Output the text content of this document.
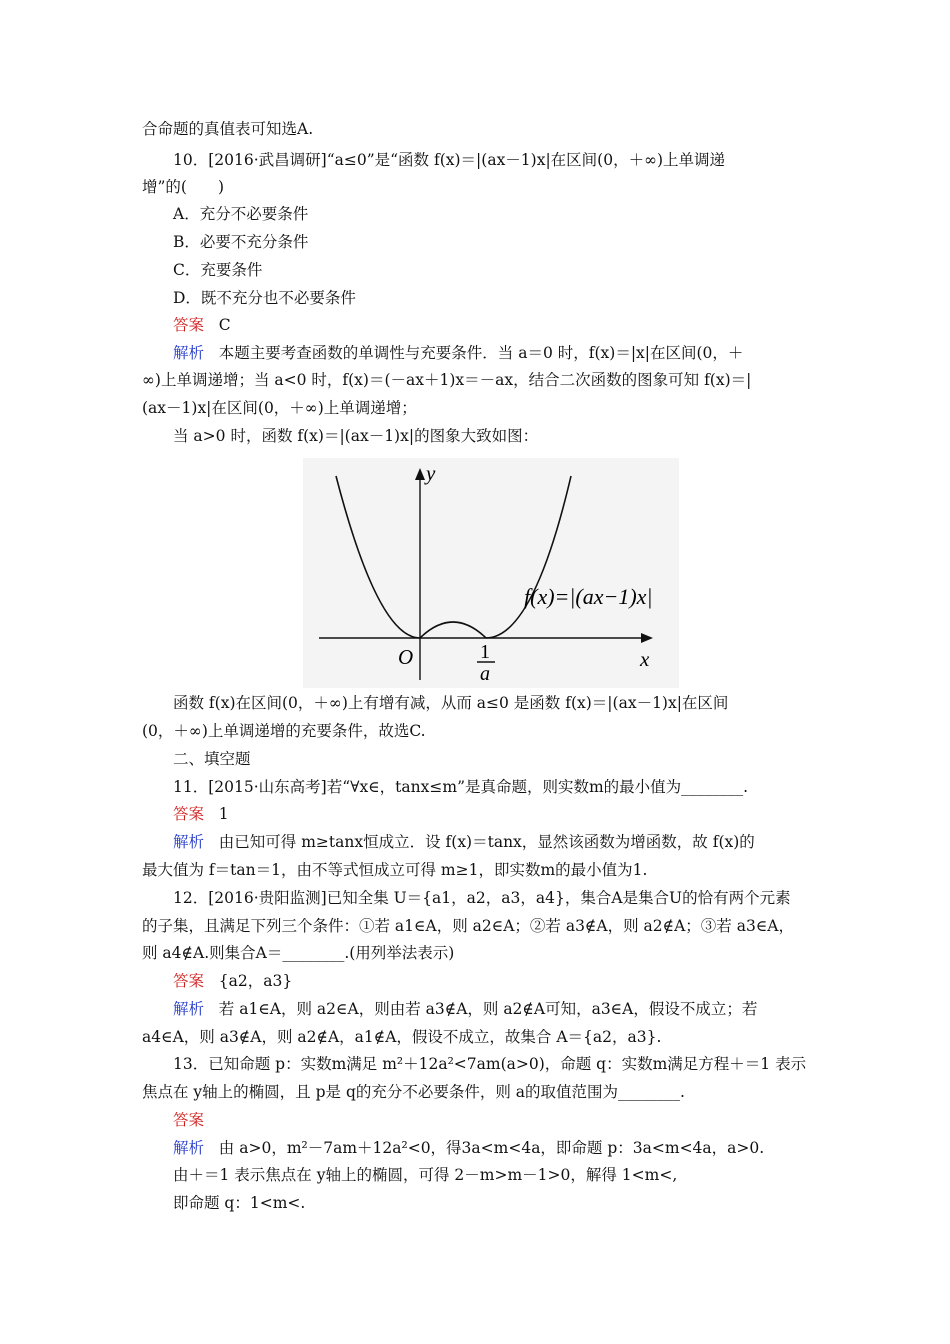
合命题的真值表可知选A.
10．[2016·武昌调研]“a≤0”是“函数 f(x)＝|(ax－1)x|在区间(0，＋∞)上单调递
增”的(　　)
A．充分不必要条件
B．必要不充分条件
C．充要条件
D．既不充分也不必要条件
答案 C
解析 本题主要考查函数的单调性与充要条件．当 a＝0 时，f(x)＝|x|在区间(0，＋
∞)上单调递增；当 a<0 时，f(x)＝(－ax＋1)x＝－ax，结合二次函数的图象可知 f(x)＝|
(ax－1)x|在区间(0，＋∞)上单调递增；
当 a>0 时，函数 f(x)＝|(ax－1)x|的图象大致如图：
y
x
O	1
a
f(x)=|(ax−1)x|
函数 f(x)在区间(0，＋∞)上有增有减，从而 a≤0 是函数 f(x)＝|(ax－1)x|在区间
(0，＋∞)上单调递增的充要条件，故选C.
二、填空题
11．[2015·山东高考]若“∀x∈，tanx≤m”是真命题，则实数m的最小值为________.
答案 1
解析 由已知可得 m≥tanx恒成立．设 f(x)＝tanx，显然该函数为增函数，故 f(x)的
最大值为 f＝tan＝1，由不等式恒成立可得 m≥1，即实数m的最小值为1.
12．[2016·贵阳监测]已知全集 U＝{a1，a2，a3，a4}，集合A是集合U的恰有两个元素
的子集，且满足下列三个条件：①若 a1∈A，则 a2∈A；②若 a3∉A，则 a2∉A；③若 a3∈A，
则 a4∉A.则集合A＝________.(用列举法表示)
答案 {a2，a3}
解析 若 a1∈A，则 a2∈A，则由若 a3∉A，则 a2∉A可知，a3∈A，假设不成立；若
a4∈A，则 a3∉A，则 a2∉A，a1∉A，假设不成立，故集合 A＝{a2，a3}.
13．已知命题 p：实数m满足 m²＋12a²<7am(a>0)，命题 q：实数m满足方程＋＝1 表示
焦点在 y轴上的椭圆，且 p是 q的充分不必要条件，则 a的取值范围为________.
答案
解析 由 a>0，m²－7am＋12a²<0，得3a<m<4a，即命题 p：3a<m<4a，a>0.
由＋＝1 表示焦点在 y轴上的椭圆，可得 2－m>m－1>0，解得 1<m<,
即命题 q：1<m<.
